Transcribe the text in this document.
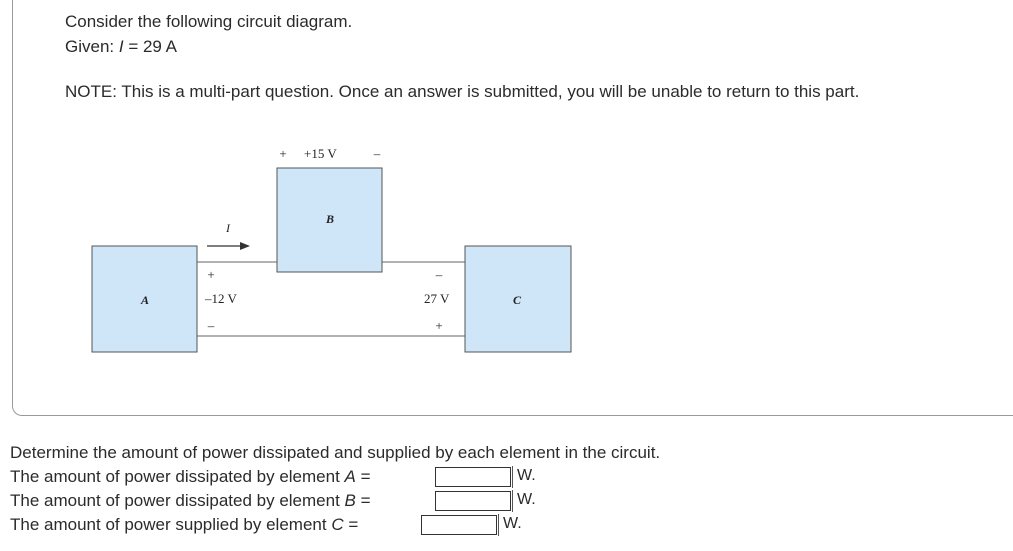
Consider the following circuit diagram.
Given: I = 29 A
NOTE: This is a multi-part question. Once an answer is submitted, you will be unable to return to this part.
I
A
B
C
+
–12 V
–
+ +15 V	–
–
27 V
+
Determine the amount of power dissipated and supplied by each element in the circuit.
The amount of power dissipated by element A =	W.
The amount of power dissipated by element B =	W.
The amount of power supplied by element C =	W.
